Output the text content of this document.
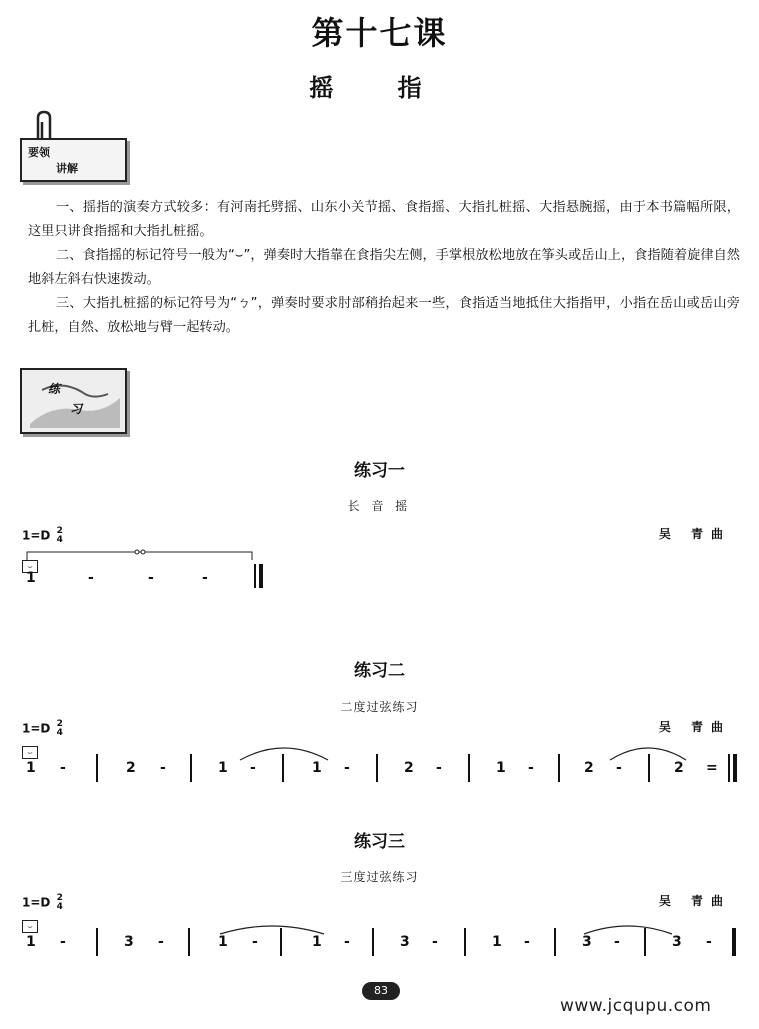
第十七课
摇 指
要领
讲解

一、摇指的演奏方式较多：有河南托劈摇、山东小关节摇、食指摇、大指扎桩摇、大指悬腕摇，由于本书篇幅所限，这里只讲食指摇和大指扎桩摇。

二、食指摇的标记符号一般为“⌣”，弹奏时大指靠在食指尖左侧，手掌根放松地放在筝头或岳山上，食指随着旋律自然地斜左斜右快速拨动。

三、大指扎桩摇的标记符号为“ㄅ”，弹奏时要求肘部稍抬起来一些，食指适当地抵住大指指甲，小指在岳山或岳山旁扎桩，自然、放松地与臂一起转动。

练
习
练习一
长 音 摇
1=D 2
4	吴 青曲
⌣
1	-	-	-
练习二
二度过弦练习
1=D 2
4	吴 青曲
⌣
1 -	2 -	1 -	1 -	2 -	1 -	2 -	2 =
练习三
三度过弦练习
1=D 2
4	吴 青曲
⌣
1 -	3 -	1 -	1 -	3 -	1 -	3 -	3 -
83
www.jcqupu.com
